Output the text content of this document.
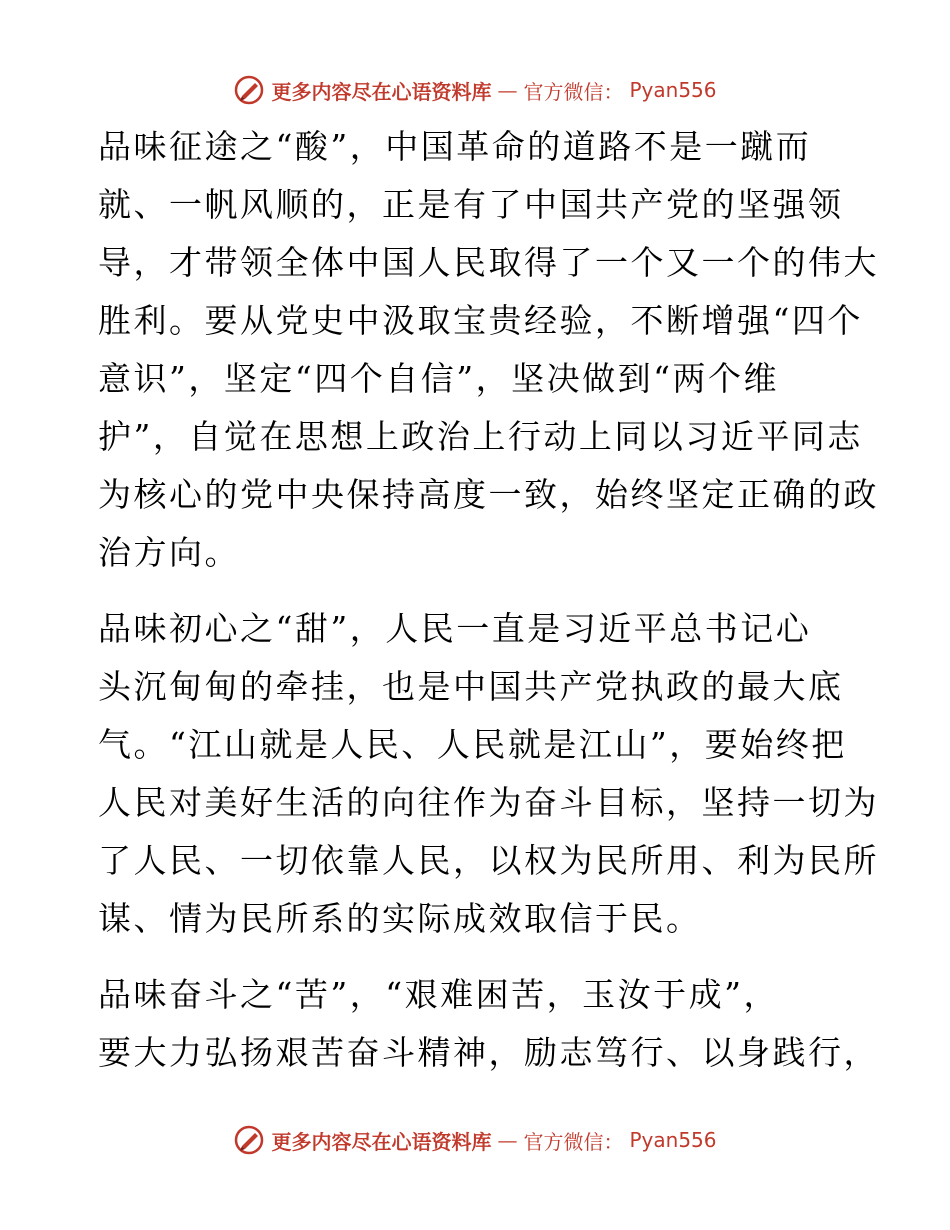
更多内容尽在心语资料库 — 官方微信： Pyan556

品味征途之“酸”，中国革命的道路不是一蹴而
就、一帆风顺的，正是有了中国共产党的坚强领
导，才带领全体中国人民取得了一个又一个的伟大
胜利。要从党史中汲取宝贵经验，不断增强“四个
意识”，坚定“四个自信”，坚决做到“两个维
护”，自觉在思想上政治上行动上同以习近平同志
为核心的党中央保持高度一致，始终坚定正确的政
治方向。

品味初心之“甜”，人民一直是习近平总书记心
头沉甸甸的牵挂，也是中国共产党执政的最大底
气。“江山就是人民、人民就是江山”，要始终把
人民对美好生活的向往作为奋斗目标，坚持一切为
了人民、一切依靠人民，以权为民所用、利为民所
谋、情为民所系的实际成效取信于民。

品味奋斗之“苦”，“艰难困苦，玉汝于成”，
要大力弘扬艰苦奋斗精神，励志笃行、以身践行，

更多内容尽在心语资料库 — 官方微信： Pyan556
